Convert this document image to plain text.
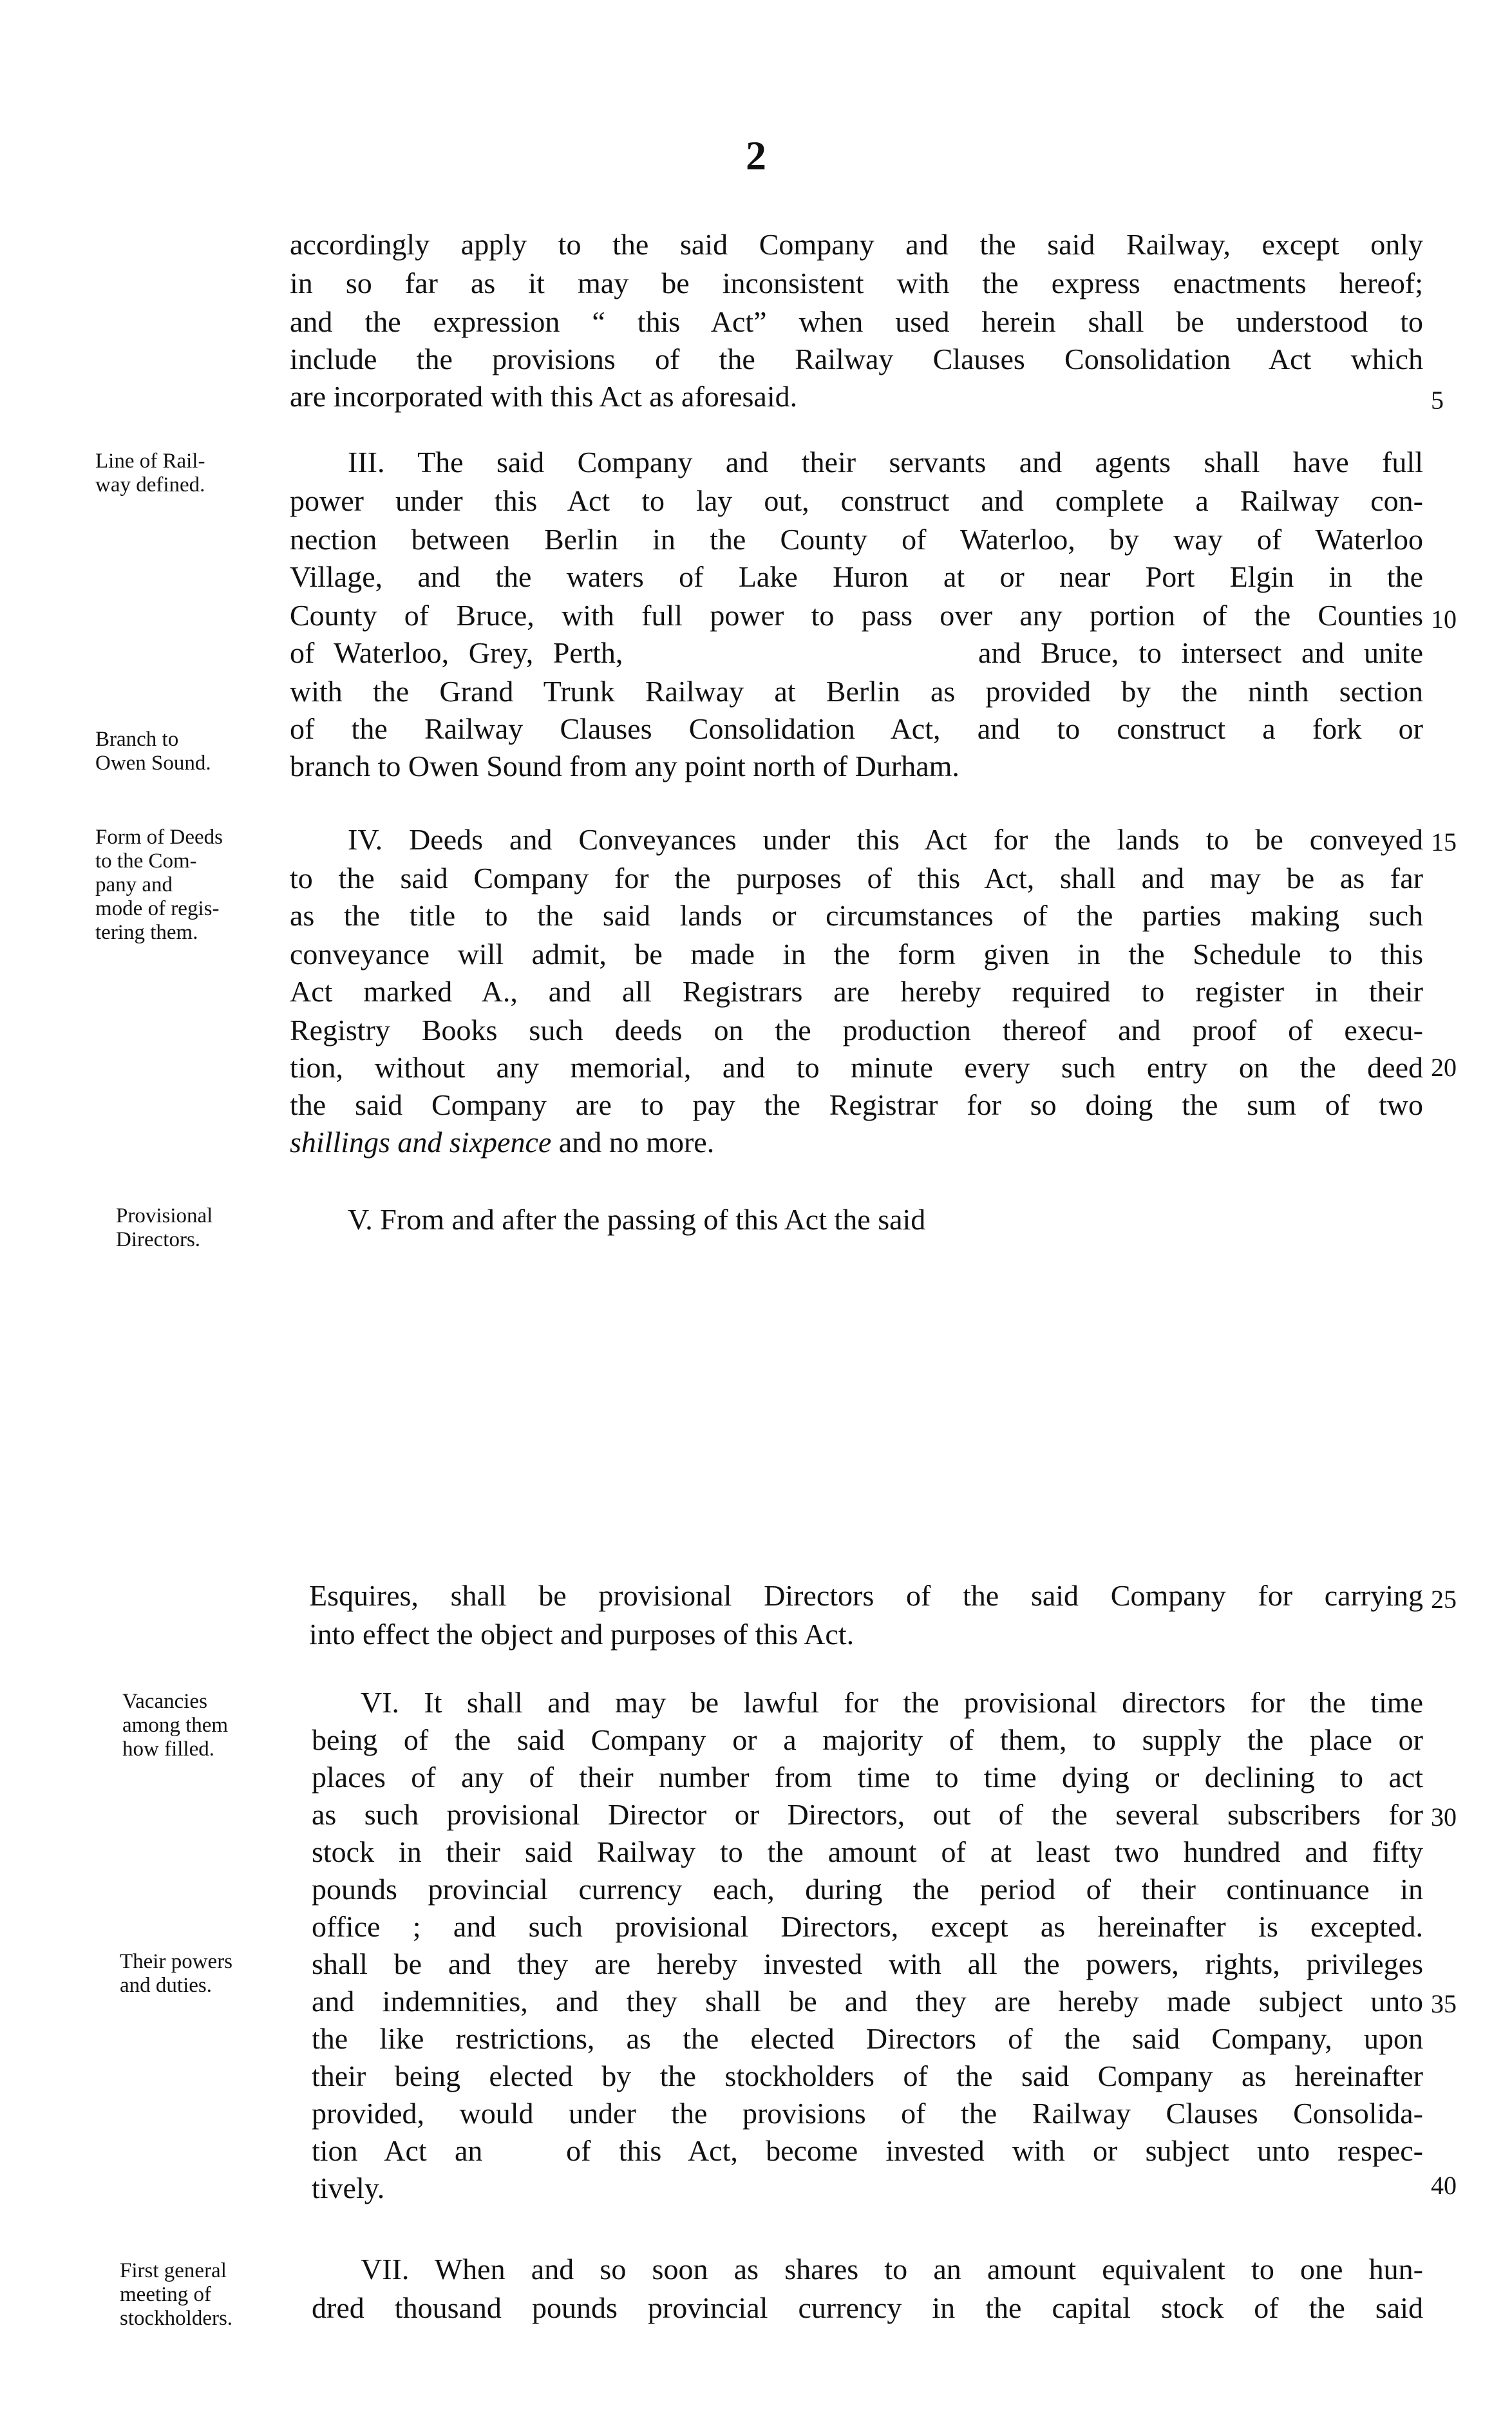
2
accordingly apply to the said Company and the said Railway, except only
in so far as it may be inconsistent with the express enactments hereof;
and the expression “ this Act” when used herein shall be understood to
include the provisions of the Railway Clauses Consolidation Act which
are incorporated with this Act as aforesaid.
III. The said Company and their servants and agents shall have full
power under this Act to lay out, construct and complete a Railway con-
nection between Berlin in the County of Waterloo, by way of Waterloo
Village, and the waters of Lake Huron at or near Port Elgin in the
County of Bruce, with full power to pass over any portion of the Counties
of Waterloo, Grey, Perth,                  and Bruce, to intersect and unite
with the Grand Trunk Railway at Berlin as provided by the ninth section
of the Railway Clauses Consolidation Act, and to construct a fork or
branch to Owen Sound from any point north of Durham.
IV. Deeds and Conveyances under this Act for the lands to be conveyed
to the said Company for the purposes of this Act, shall and may be as far
as the title to the said lands or circumstances of the parties making such
conveyance will admit, be made in the form given in the Schedule to this
Act marked A., and all Registrars are hereby required to register in their
Registry Books such deeds on the production thereof and proof of execu-
tion, without any memorial, and to minute every such entry on the deed
the said Company are to pay the Registrar for so doing the sum of two
shillings and sixpence and no more.
V. From and after the passing of this Act the said
Esquires, shall be provisional Directors of the said Company for carrying
into effect the object and purposes of this Act.
VI. It shall and may be lawful for the provisional directors for the time
being of the said Company or a majority of them, to supply the place or
places of any of their number from time to time dying or declining to act
as such provisional Director or Directors, out of the several subscribers for
stock in their said Railway to the amount of at least two hundred and fifty
pounds provincial currency each, during the period of their continuance in
office ; and such provisional Directors, except as hereinafter is excepted.
shall be and they are hereby invested with all the powers, rights, privileges
and indemnities, and they shall be and they are hereby made subject unto
the like restrictions, as the elected Directors of the said Company, upon
their being elected by the stockholders of the said Company as hereinafter
provided, would under the provisions of the Railway Clauses Consolida-
tion Act an   of this Act, become invested with or subject unto respec-
tively.
VII. When and so soon as shares to an amount equivalent to one hun-
dred thousand pounds provincial currency in the capital stock of the said
Line of Rail-
way defined.
Branch to
Owen Sound.
Form of Deeds
to the Com-
pany and
mode of regis-
tering them.
Provisional
Directors.
Vacancies
among them
how filled.
Their powers
and duties.
First general
meeting of
stockholders.
5
10
15
20
25
30
35
40
